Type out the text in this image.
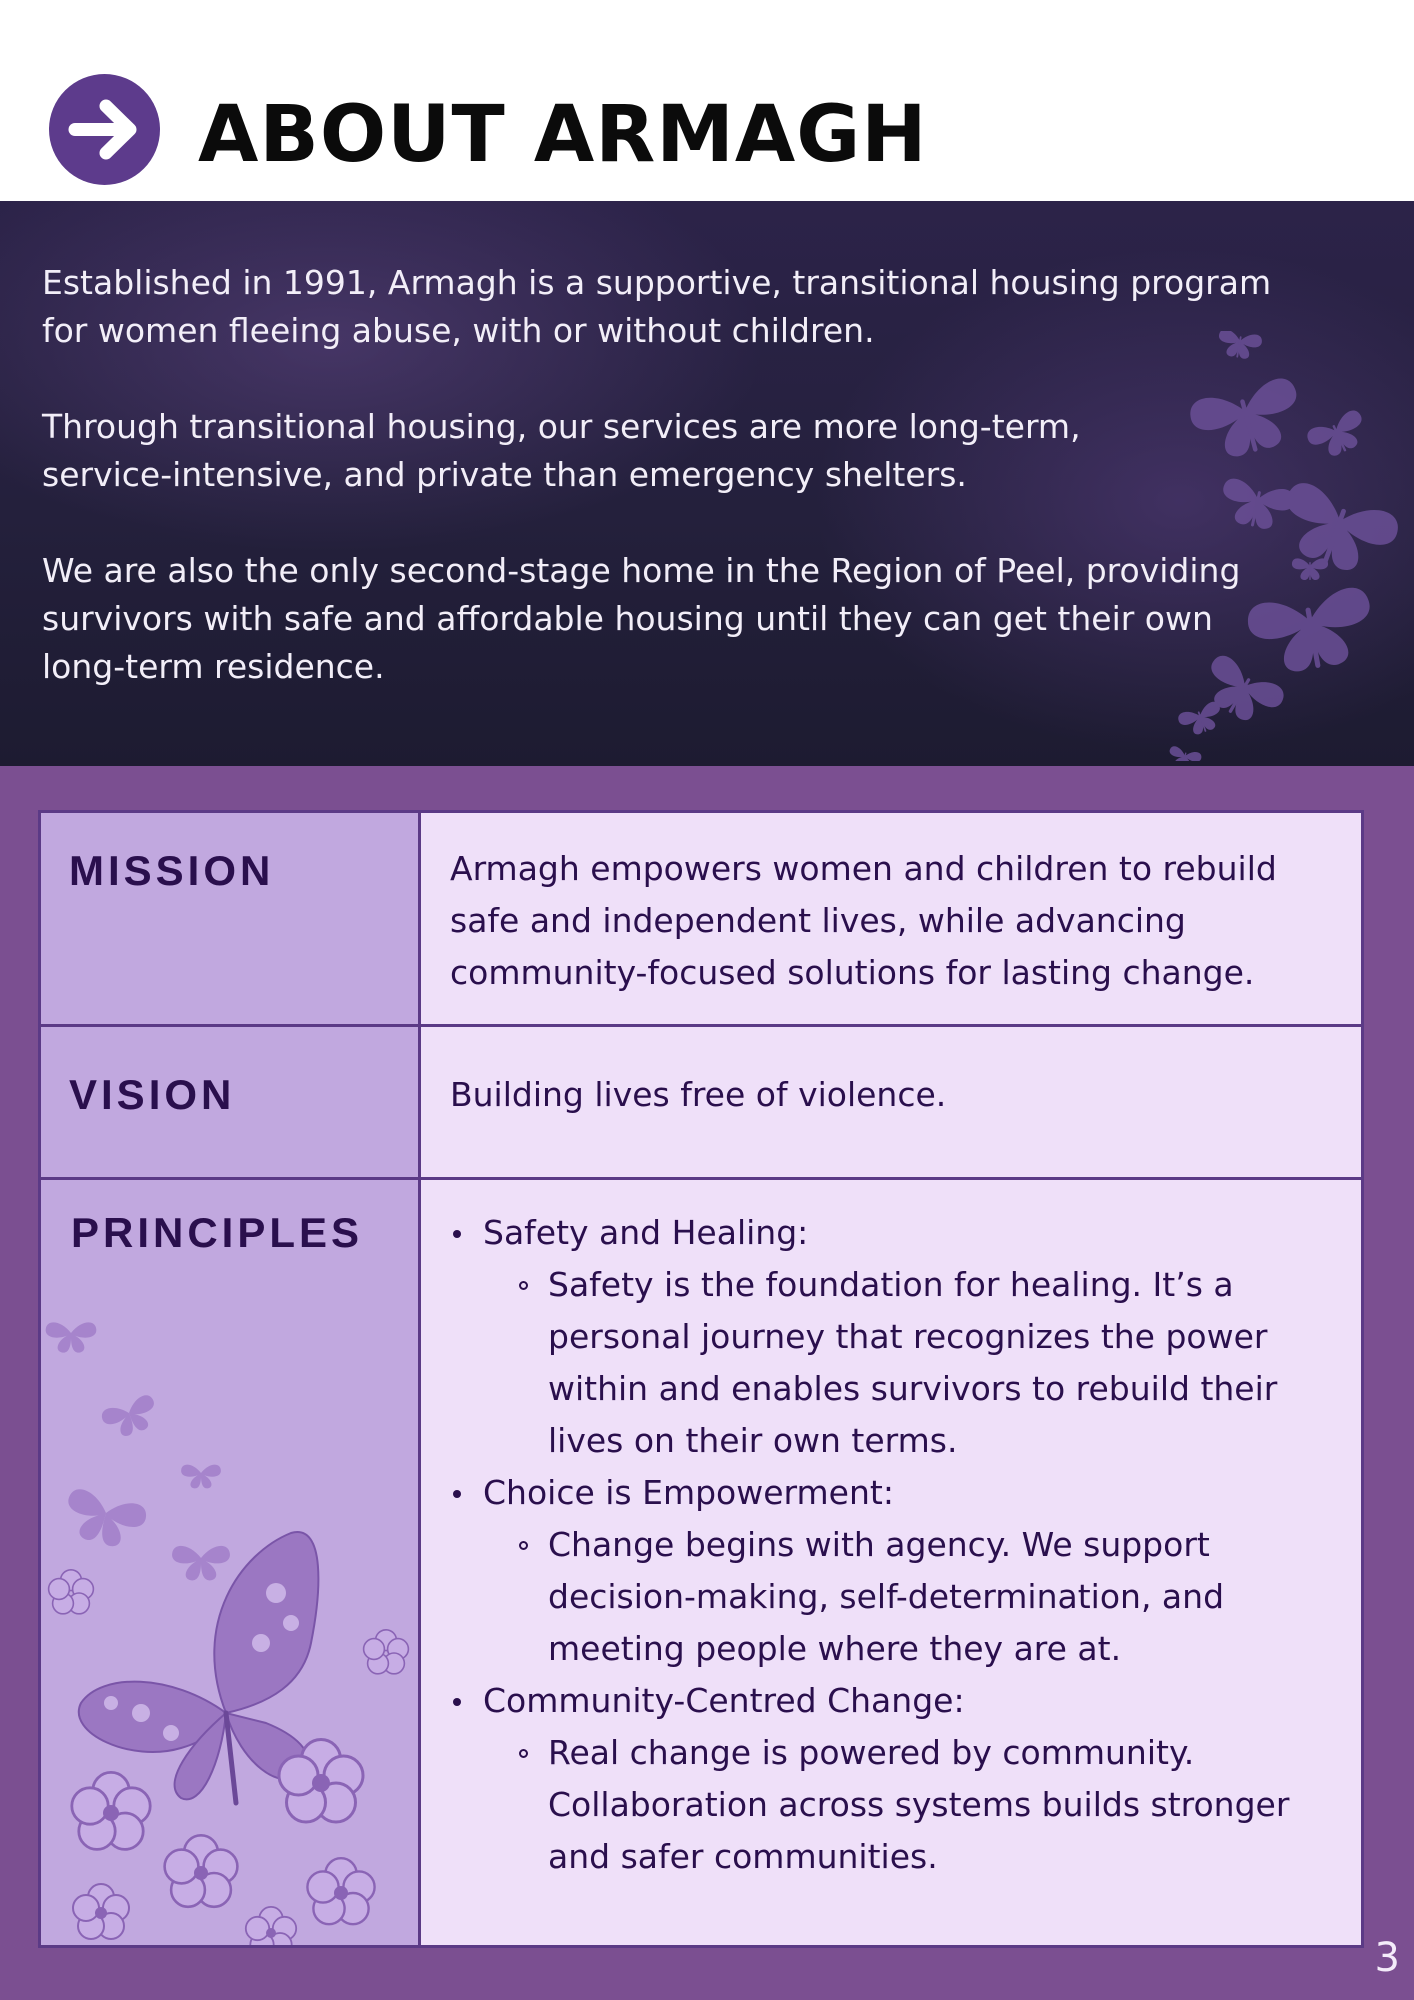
ABOUT ARMAGH

Established in 1991, Armagh is a supportive, transitional housing program for women fleeing abuse, with or without children.

Through transitional housing, our services are more long-term, service-intensive, and private than emergency shelters.

We are also the only second-stage home in the Region of Peel, providing survivors with safe and affordable housing until they can get their own long-term residence.

MISSION	Armagh empowers women and children to rebuild safe and independent lives, while advancing community-focused solutions for lasting change.
VISION	Building lives free of violence.
PRINCIPLES	Safety and Healing:
Safety is the foundation for healing. It’s a personal journey that recognizes the power within and enables survivors to rebuild their lives on their own terms.
Choice is Empowerment:
Change begins with agency. We support decision-making, self-determination, and meeting people where they are at.
Community-Centred Change:
Real change is powered by community. Collaboration across systems builds stronger and safer communities.
3
